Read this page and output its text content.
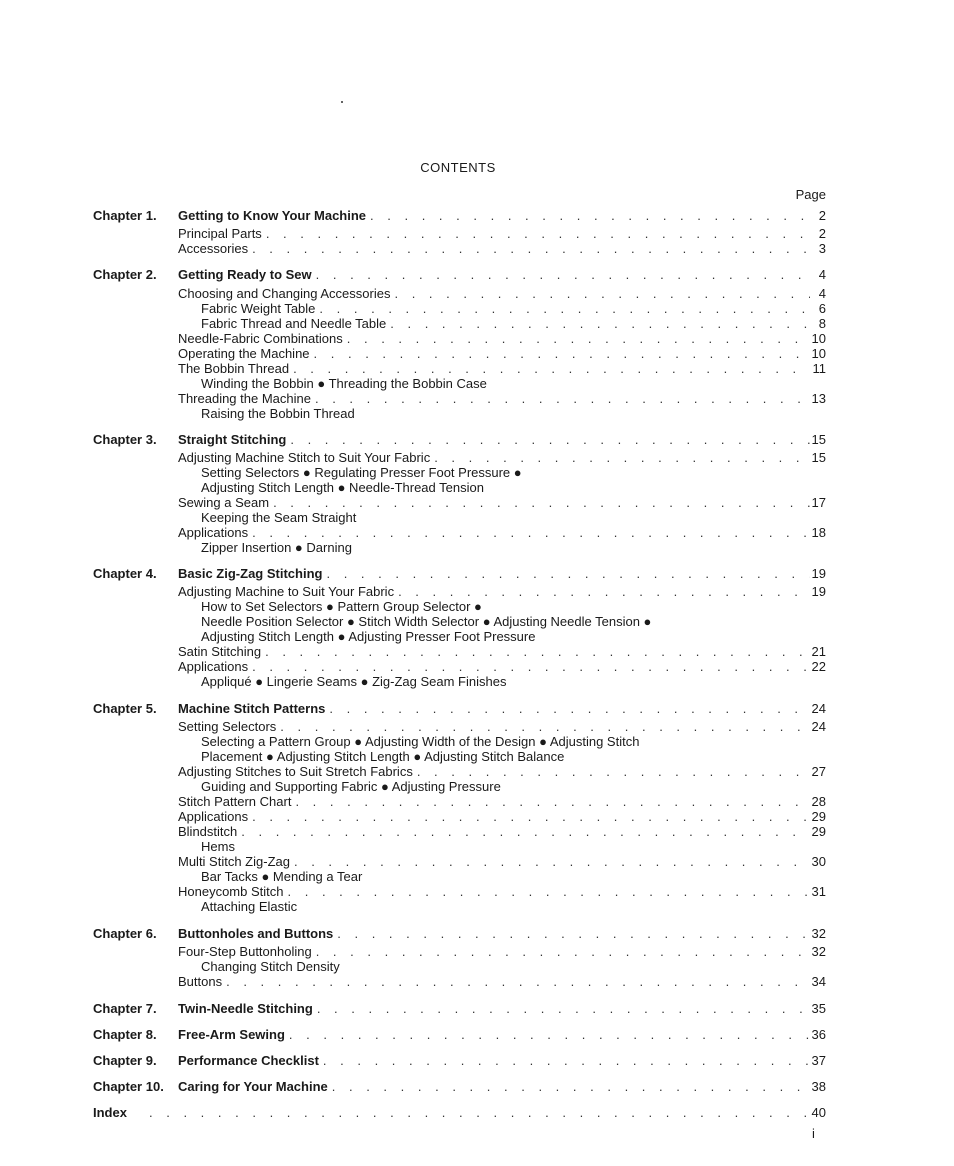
CONTENTS
Page
Chapter 1. Getting to Know Your Machine . . .	2
Principal Parts . . .	2
Accessories . . .	3
Chapter 2. Getting Ready to Sew . . .	4
Choosing and Changing Accessories . . .	4
Fabric Weight Table . . .	6
Fabric Thread and Needle Table . . .	8
Needle-Fabric Combinations . . .	10
Operating the Machine . . .	10
The Bobbin Thread . . .	11
Winding the Bobbin ● Threading the Bobbin Case
Threading the Machine . . .	13
Raising the Bobbin Thread
Chapter 3. Straight Stitching . . .	15
Adjusting Machine Stitch to Suit Your Fabric . . .	15
Setting Selectors ● Regulating Presser Foot Pressure ●
Adjusting Stitch Length ● Needle-Thread Tension
Sewing a Seam . . .	17
Keeping the Seam Straight
Applications . . .	18
Zipper Insertion ● Darning
Chapter 4. Basic Zig-Zag Stitching . . .	19
Adjusting Machine to Suit Your Fabric . . .	19
How to Set Selectors ● Pattern Group Selector ●
Needle Position Selector ● Stitch Width Selector ● Adjusting Needle Tension ●
Adjusting Stitch Length ● Adjusting Presser Foot Pressure
Satin Stitching . . .	21
Applications . . .	22
Appliqué ● Lingerie Seams ● Zig-Zag Seam Finishes
Chapter 5. Machine Stitch Patterns . . .	24
Setting Selectors . . .	24
Selecting a Pattern Group ● Adjusting Width of the Design ● Adjusting Stitch
Placement ● Adjusting Stitch Length ● Adjusting Stitch Balance
Adjusting Stitches to Suit Stretch Fabrics . . .	27
Guiding and Supporting Fabric ● Adjusting Pressure
Stitch Pattern Chart . . .	28
Applications . . .	29
Blindstitch . . .	29
Hems
Multi Stitch Zig-Zag . . .	30
Bar Tacks ● Mending a Tear
Honeycomb Stitch . . .	31
Attaching Elastic
Chapter 6. Buttonholes and Buttons . . .	32
Four-Step Buttonholing . . .	32
Changing Stitch Density
Buttons . . .	34
Chapter 7. Twin-Needle Stitching . . .	35
Chapter 8. Free-Arm Sewing . . .	36
Chapter 9. Performance Checklist . . .	37
Chapter 10. Caring for Your Machine . . .	38
Index . . .	40
i
